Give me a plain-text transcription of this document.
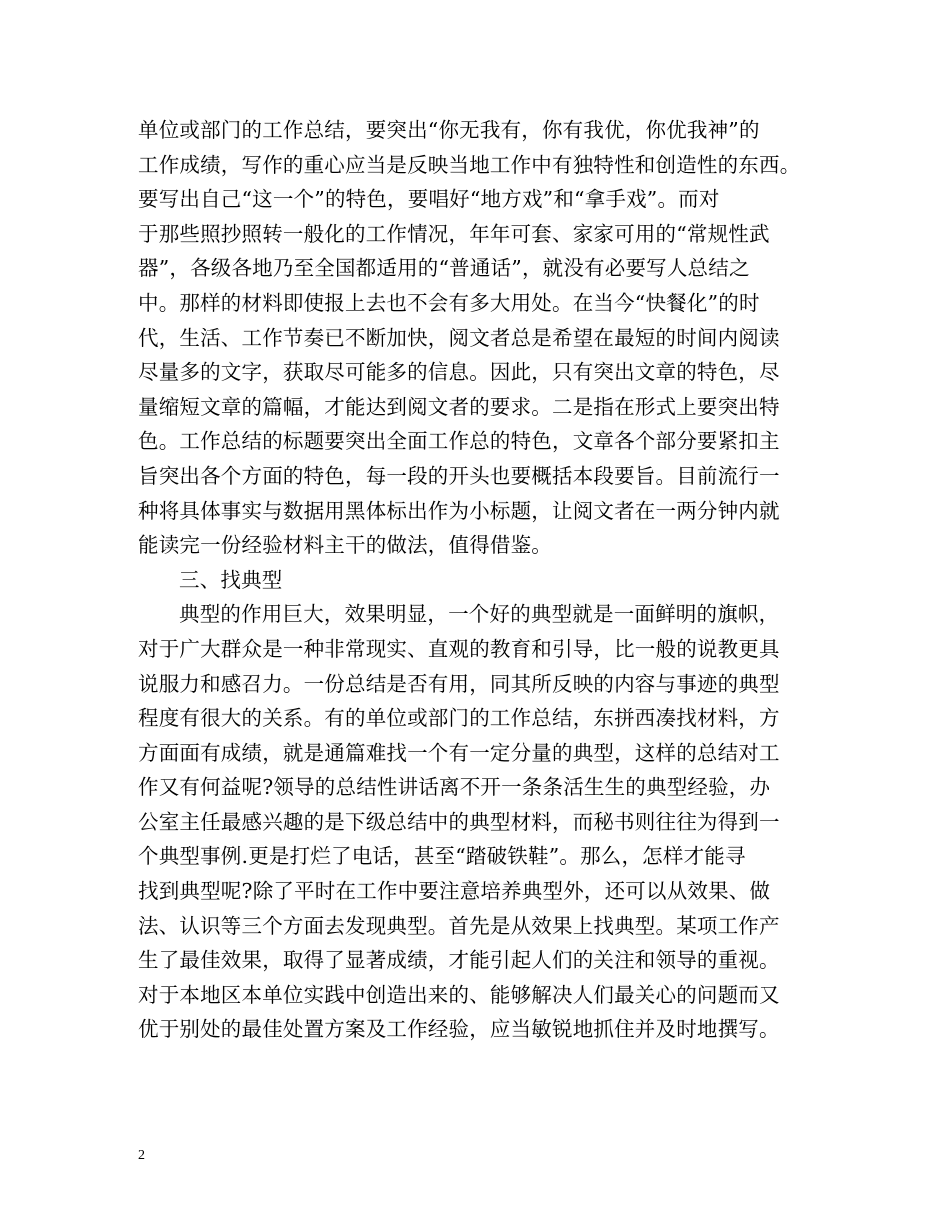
单位或部门的工作总结，要突出“你无我有，你有我优，你优我神”的
工作成绩，写作的重心应当是反映当地工作中有独特性和创造性的东西。
要写出自己“这一个”的特色，要唱好“地方戏”和“拿手戏”。而对
于那些照抄照转一般化的工作情况，年年可套、家家可用的“常规性武
器”，各级各地乃至全国都适用的“普通话”，就没有必要写人总结之
中。那样的材料即使报上去也不会有多大用处。在当今“快餐化”的时
代，生活、工作节奏已不断加快，阅文者总是希望在最短的时间内阅读
尽量多的文字，获取尽可能多的信息。因此，只有突出文章的特色，尽
量缩短文章的篇幅，才能达到阅文者的要求。二是指在形式上要突出特
色。工作总结的标题要突出全面工作总的特色，文章各个部分要紧扣主
旨突出各个方面的特色，每一段的开头也要概括本段要旨。目前流行一
种将具体事实与数据用黑体标出作为小标题，让阅文者在一两分钟内就
能读完一份经验材料主干的做法，值得借鉴。
三、找典型
典型的作用巨大，效果明显，一个好的典型就是一面鲜明的旗帜，
对于广大群众是一种非常现实、直观的教育和引导，比一般的说教更具
说服力和感召力。一份总结是否有用，同其所反映的内容与事迹的典型
程度有很大的关系。有的单位或部门的工作总结，东拼西凑找材料，方
方面面有成绩，就是通篇难找一个有一定分量的典型，这样的总结对工
作又有何益呢?领导的总结性讲话离不开一条条活生生的典型经验，办
公室主任最感兴趣的是下级总结中的典型材料，而秘书则往往为得到一
个典型事例.更是打烂了电话，甚至“踏破铁鞋”。那么，怎样才能寻
找到典型呢?除了平时在工作中要注意培养典型外，还可以从效果、做
法、认识等三个方面去发现典型。首先是从效果上找典型。某项工作产
生了最佳效果，取得了显著成绩，才能引起人们的关注和领导的重视。
对于本地区本单位实践中创造出来的、能够解决人们最关心的问题而又
优于别处的最佳处置方案及工作经验，应当敏锐地抓住并及时地撰写。
2
